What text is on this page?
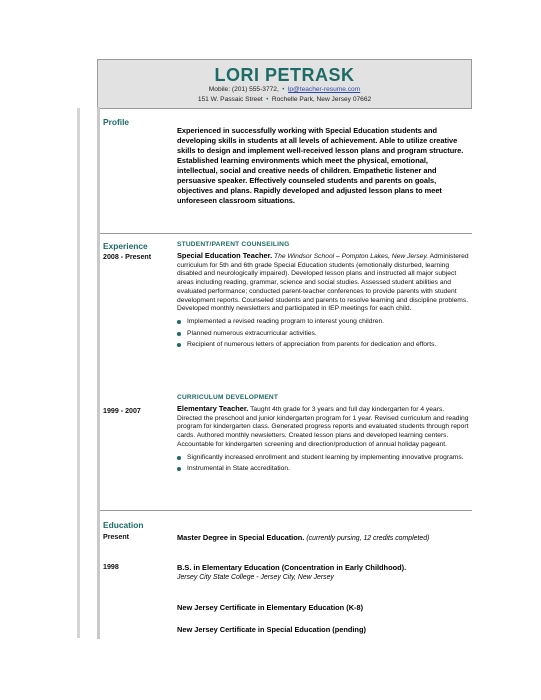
LORI PETRASK
Mobile: (201) 555-3772,  •  lp@teacher-resume.com
151 W. Passaic Street  •  Rochelle Park, New Jersey 07662
Profile
Experienced in successfully working with Special Education students and developing skills in students at all levels of achievement. Able to utilize creative skills to design and implement well-received lesson plans and program structure. Established learning environments which meet the physical, emotional, intellectual, social and creative needs of children. Empathetic listener and persuasive speaker. Effectively counseled students and parents on goals, objectives and plans. Rapidly developed and adjusted lesson plans to meet unforeseen classroom situations.
Experience
2008 - Present
STUDENT/PARENT COUNSEILING
Special Education Teacher. The Windsor School – Pompton Lakes, New Jersey. Administered curriculum for 5th and 6th grade Special Education students (emotionally disturbed, learning disabled and neurologically impaired). Developed lesson plans and instructed all major subject areas including reading, grammar, science and social studies. Assessed student abilities and evaluated performance; conducted parent-teacher conferences to provide parents with student development reports. Counseled students and parents to resolve learning and discipline problems. Developed monthly newsletters and participated in IEP meetings for each child.
Implemented a revised reading program to interest young children.
Planned numerous extracurricular activities.
Recipient of numerous letters of appreciation from parents for dedication and efforts.
1999 - 2007
CURRICULUM DEVELOPMENT
Elementary Teacher. Taught 4th grade for 3 years and full day kindergarten for 4 years. Directed the preschool and junior kindergarten program for 1 year. Revised curriculum and reading program for kindergarten class. Generated progress reports and evaluated students through report cards. Authored monthly newsletters. Created lesson plans and developed learning centers. Accountable for kindergarten screening and direction/production of annual holiday pageant.
Significantly increased enrollment and student learning by implementing innovative programs.
Instrumental in State accreditation.
Education
Present	Master Degree in Special Education. (currently pursing, 12 credits completed)
1998	B.S. in Elementary Education (Concentration in Early Childhood).
Jersey City State College - Jersey City, New Jersey
New Jersey Certificate in Elementary Education (K-8)
New Jersey Certificate in Special Education (pending)
